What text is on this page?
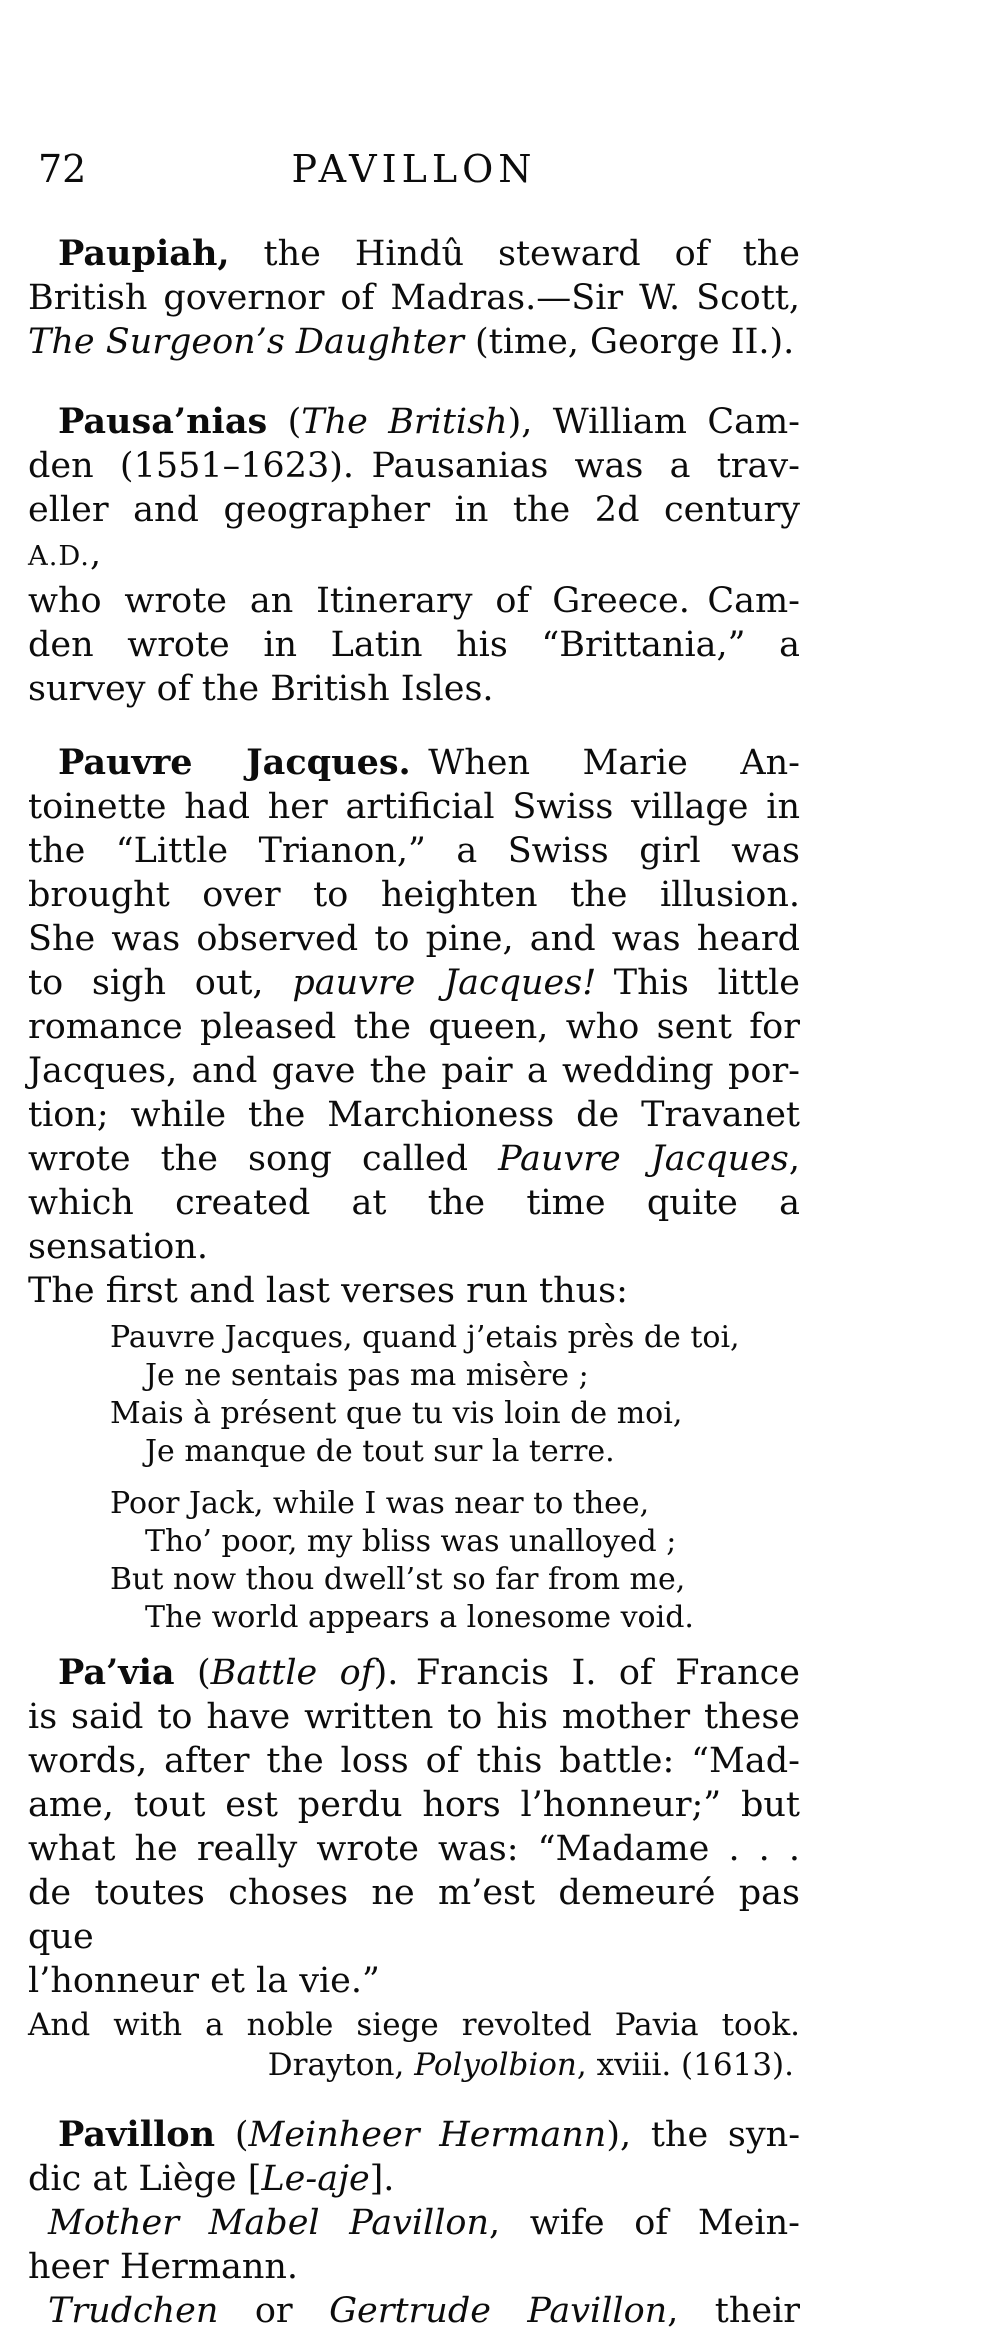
72	PAVILLON
Paupiah, the Hindû steward of the
British governor of Madras.—Sir W. Scott,
The Surgeon’s Daughter (time, George II.).
Pausa’nias (The British), William Cam-
den (1551–1623). Pausanias was a trav-
eller and geographer in the 2d century A.D.,
who wrote an Itinerary of Greece. Cam-
den wrote in Latin his “Brittania,” a
survey of the British Isles.
Pauvre Jacques. When Marie An-
toinette had her artificial Swiss village in
the “Little Trianon,” a Swiss girl was
brought over to heighten the illusion.
She was observed to pine, and was heard
to sigh out, pauvre Jacques! This little
romance pleased the queen, who sent for
Jacques, and gave the pair a wedding por-
tion; while the Marchioness de Travanet
wrote the song called Pauvre Jacques,
which created at the time quite a sensation.
The first and last verses run thus:
Pauvre Jacques, quand j’etais près de toi,
Je ne sentais pas ma misère ;
Mais à présent que tu vis loin de moi,
Je manque de tout sur la terre.
Poor Jack, while I was near to thee,
Tho’ poor, my bliss was unalloyed ;
But now thou dwell’st so far from me,
The world appears a lonesome void.
Pa’via (Battle of). Francis I. of France
is said to have written to his mother these
words, after the loss of this battle: “Mad-
ame, tout est perdu hors l’honneur;” but
what he really wrote was: “Madame . . .
de toutes choses ne m’est demeuré pas que
l’honneur et la vie.”
And with a noble siege revolted Pavia took.
Drayton, Polyolbion, xviii. (1613).
Pavillon (Meinheer Hermann), the syn-
dic at Liège [Le-aje].
Mother Mabel Pavillon, wife of Mein-
heer Hermann.
Trudchen or Gertrude Pavillon, their
